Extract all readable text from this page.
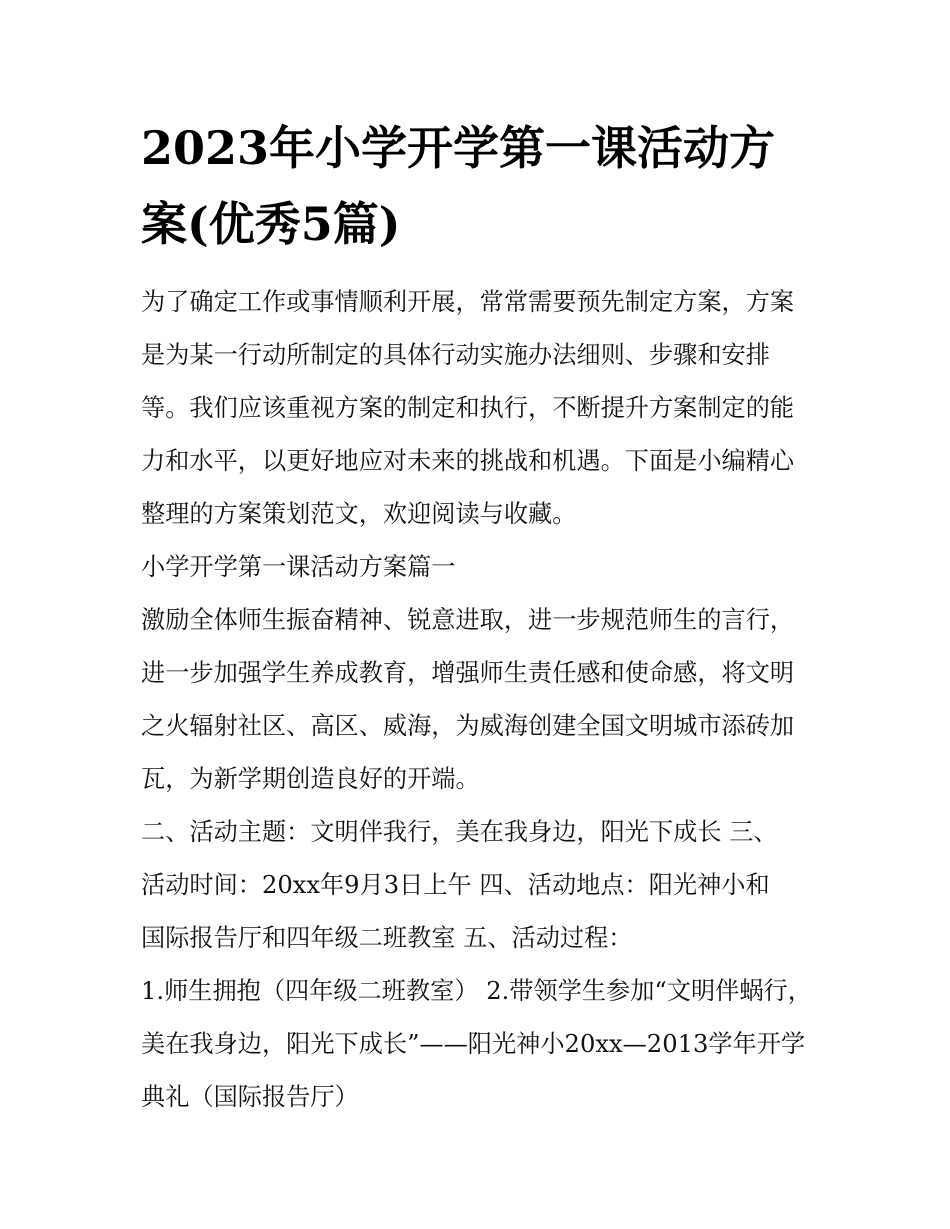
2023年小学开学第一课活动方
案(优秀5篇)
为了确定工作或事情顺利开展，常常需要预先制定方案，方案
是为某一行动所制定的具体行动实施办法细则、步骤和安排
等。我们应该重视方案的制定和执行，不断提升方案制定的能
力和水平，以更好地应对未来的挑战和机遇。下面是小编精心
整理的方案策划范文，欢迎阅读与收藏。
小学开学第一课活动方案篇一
激励全体师生振奋精神、锐意进取，进一步规范师生的言行，
进一步加强学生养成教育，增强师生责任感和使命感，将文明
之火辐射社区、高区、威海，为威海创建全国文明城市添砖加
瓦，为新学期创造良好的开端。
二、活动主题：文明伴我行，美在我身边，阳光下成长 三、
活动时间：20xx年9月3日上午 四、活动地点：阳光神小和
国际报告厅和四年级二班教室 五、活动过程：
1.师生拥抱（四年级二班教室） 2.带领学生参加“文明伴蜗行，
美在我身边，阳光下成长”——阳光神小20xx—2013学年开学
典礼（国际报告厅）
